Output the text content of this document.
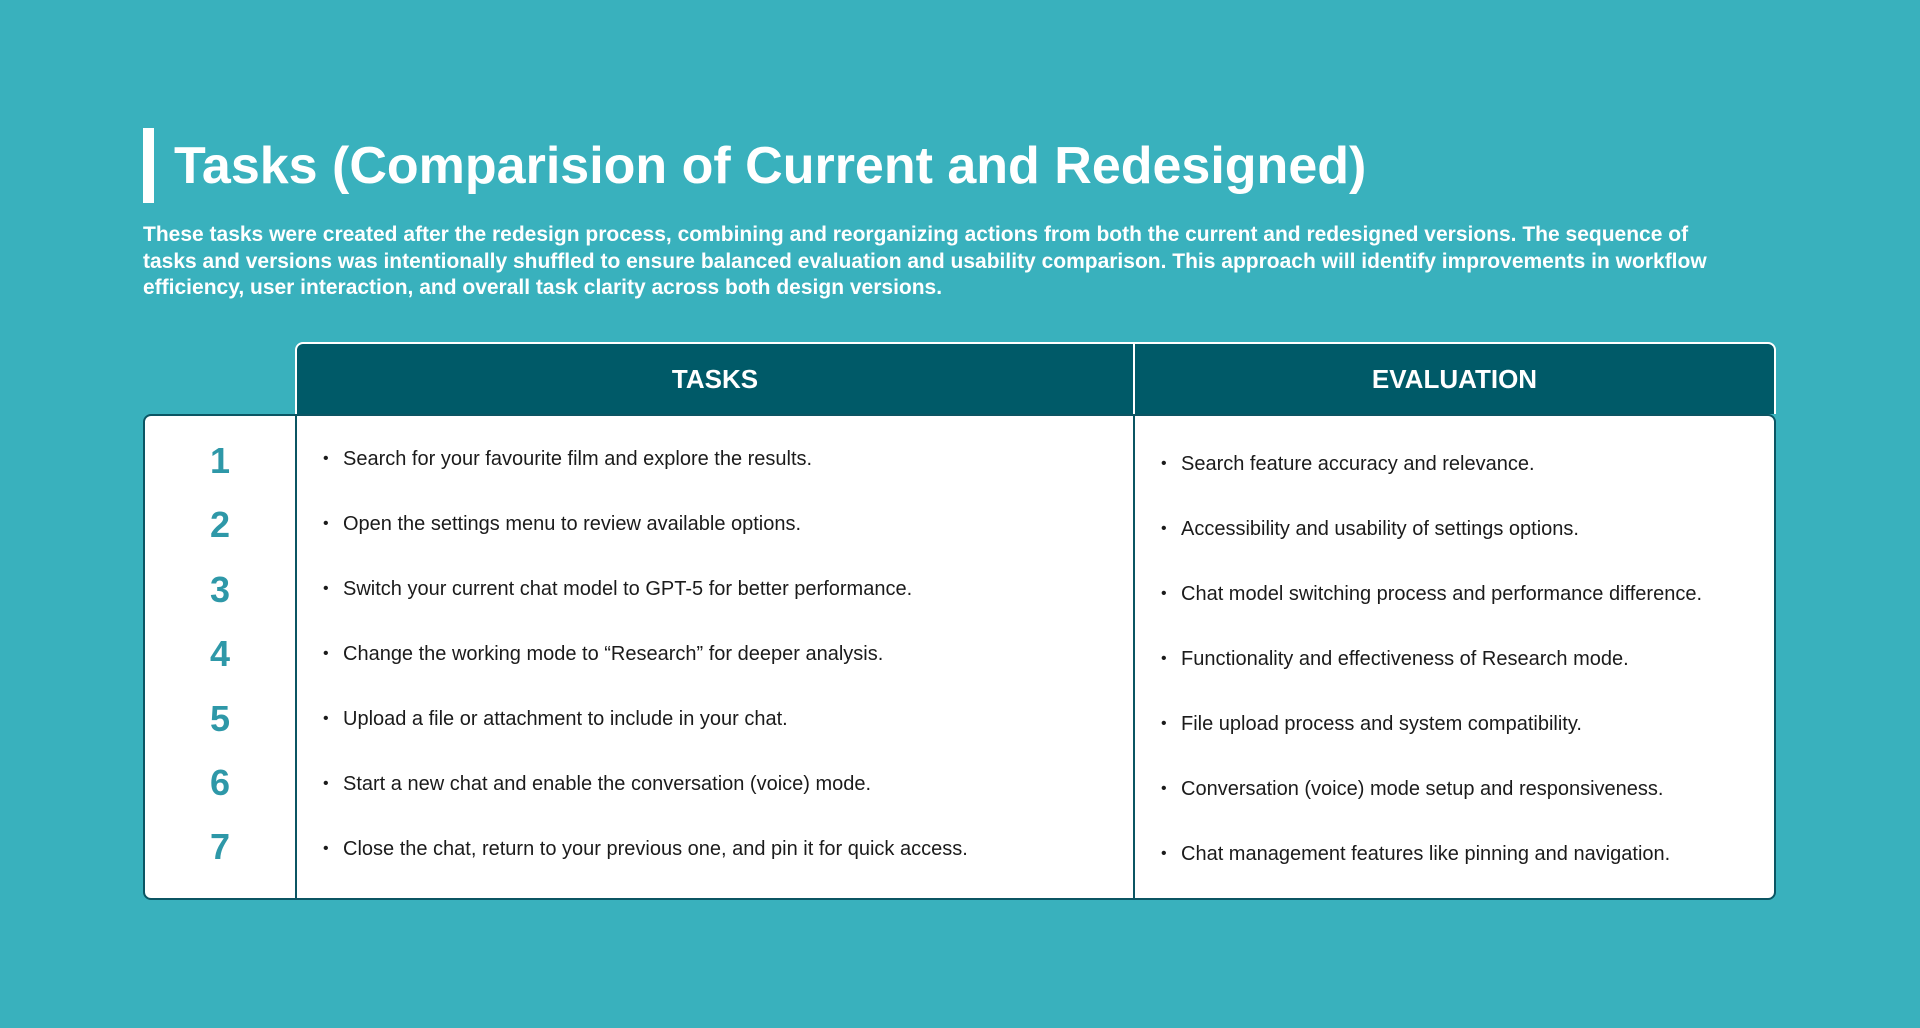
Tasks (Comparision of Current and Redesigned)
These tasks were created after the redesign process, combining and reorganizing actions from both the current and redesigned versions. The sequence of tasks and versions was intentionally shuffled to ensure balanced evaluation and usability comparison. This approach will identify improvements in workflow efficiency, user interaction, and overall task clarity across both design versions.
TASKS	EVALUATION
1
2
3
4
5
6
7
• Search for your favourite film and explore the results.
• Open the settings menu to review available options.
• Switch your current chat model to GPT-5 for better performance.
• Change the working mode to “Research” for deeper analysis.
• Upload a file or attachment to include in your chat.
• Start a new chat and enable the conversation (voice) mode.
• Close the chat, return to your previous one, and pin it for quick access.
• Search feature accuracy and relevance.
• Accessibility and usability of settings options.
• Chat model switching process and performance difference.
• Functionality and effectiveness of Research mode.
• File upload process and system compatibility.
• Conversation (voice) mode setup and responsiveness.
• Chat management features like pinning and navigation.
